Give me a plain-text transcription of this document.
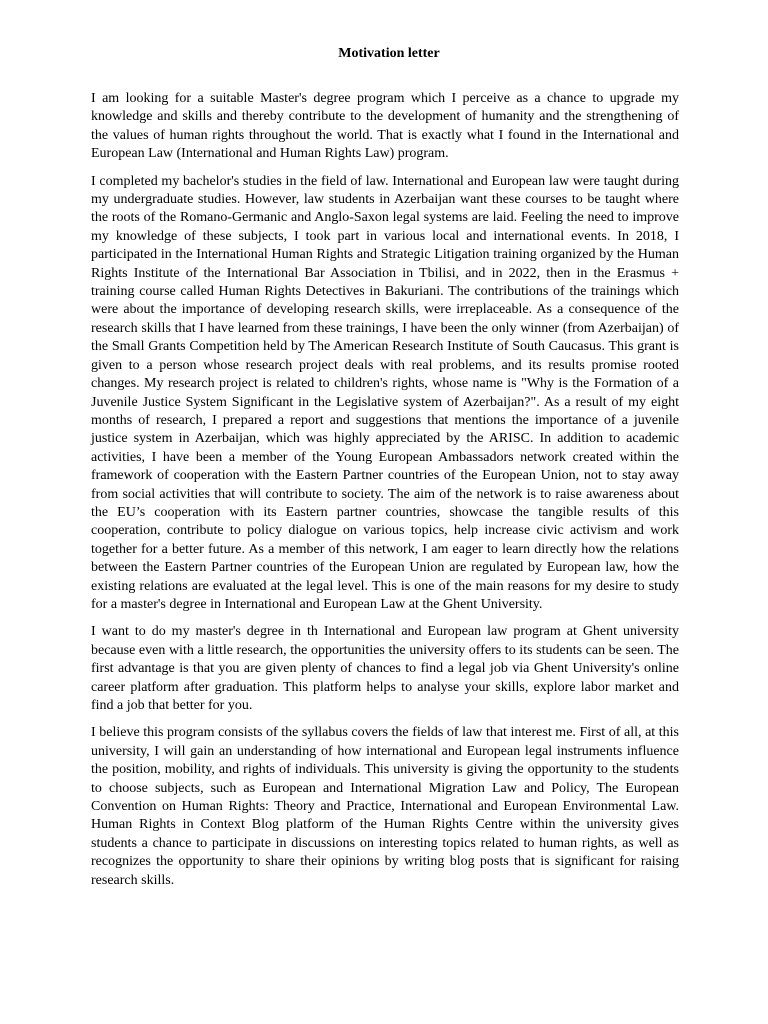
Motivation letter

I am looking for a suitable Master's degree program which I perceive as a chance to upgrade my knowledge and skills and thereby contribute to the development of humanity and the strengthening of the values of human rights throughout the world. That is exactly what I found in the International and European Law (International and Human Rights Law) program.

I completed my bachelor's studies in the field of law. International and European law were taught during my undergraduate studies. However, law students in Azerbaijan want these courses to be taught where the roots of the Romano-Germanic and Anglo-Saxon legal systems are laid. Feeling the need to improve my knowledge of these subjects, I took part in various local and international events. In 2018, I participated in the International Human Rights and Strategic Litigation training organized by the Human Rights Institute of the International Bar Association in Tbilisi, and in 2022, then in the Erasmus + training course called Human Rights Detectives in Bakuriani. The contributions of the trainings which were about the importance of developing research skills, were irreplaceable. As a consequence of the research skills that I have learned from these trainings, I have been the only winner (from Azerbaijan) of the Small Grants Competition held by The American Research Institute of South Caucasus. This grant is given to a person whose research project deals with real problems, and its results promise rooted changes. My research project is related to children's rights, whose name is "Why is the Formation of a Juvenile Justice System Significant in the Legislative system of Azerbaijan?". As a result of my eight months of research, I prepared a report and suggestions that mentions the importance of a juvenile justice system in Azerbaijan, which was highly appreciated by the ARISC. In addition to academic activities, I have been a member of the Young European Ambassadors network created within the framework of cooperation with the Eastern Partner countries of the European Union, not to stay away from social activities that will contribute to society. The aim of the network is to raise awareness about the EU’s cooperation with its Eastern partner countries, showcase the tangible results of this cooperation, contribute to policy dialogue on various topics, help increase civic activism and work together for a better future. As a member of this network, I am eager to learn directly how the relations between the Eastern Partner countries of the European Union are regulated by European law, how the existing relations are evaluated at the legal level. This is one of the main reasons for my desire to study for a master's degree in International and European Law at the Ghent University.

I want to do my master's degree in th International and European law program at Ghent university because even with a little research, the opportunities the university offers to its students can be seen. The first advantage is that you are given plenty of chances to find a legal job via Ghent University's online career platform after graduation. This platform helps to analyse your skills, explore labor market and find a job that better for you.

I believe this program consists of the syllabus covers the fields of law that interest me. First of all, at this university, I will gain an understanding of how international and European legal instruments influence the position, mobility, and rights of individuals. This university is giving the opportunity to the students to choose subjects, such as European and International Migration Law and Policy, The European Convention on Human Rights: Theory and Practice, International and European Environmental Law. Human Rights in Context Blog platform of the Human Rights Centre within the university gives students a chance to participate in discussions on interesting topics related to human rights, as well as recognizes the opportunity to share their opinions by writing blog posts that is significant for raising research skills.
